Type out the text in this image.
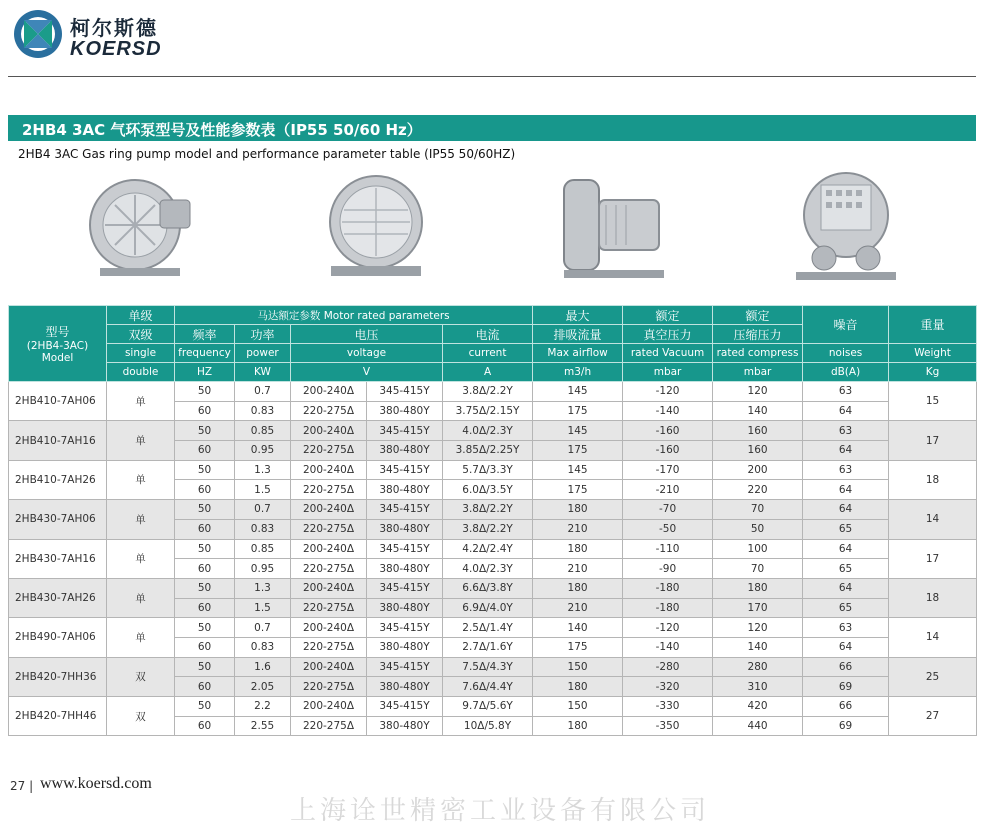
柯尔斯德
KOERSD
2HB4 3AC 气环泵型号及性能参数表（IP55 50/60 Hz）
2HB4 3AC Gas ring pump model and performance parameter table (IP55 50/60HZ)
型号
(2HB4-3AC)
Model	单级	马达额定参数 Motor rated parameters					最大	额定	额定	噪音	重量
	双级	频率	功率	电压		电流	排吸流量	真空压力	压缩压力		
	single	frequency	power	voltage		current	Max airflow	rated Vacuum	rated compress	noises	Weight
	double	HZ	KW	V		A	m3/h	mbar	mbar	dB(A)	Kg
2HB410-7AH06	单	50	0.7	200-240Δ	345-415Y	3.8Δ/2.2Y	145	-120	120	63	15
		60	0.83	220-275Δ	380-480Y	3.75Δ/2.15Y	175	-140	140	64	
2HB410-7AH16	单	50	0.85	200-240Δ	345-415Y	4.0Δ/2.3Y	145	-160	160	63	17
		60	0.95	220-275Δ	380-480Y	3.85Δ/2.25Y	175	-160	160	64	
2HB410-7AH26	单	50	1.3	200-240Δ	345-415Y	5.7Δ/3.3Y	145	-170	200	63	18
		60	1.5	220-275Δ	380-480Y	6.0Δ/3.5Y	175	-210	220	64	
2HB430-7AH06	单	50	0.7	200-240Δ	345-415Y	3.8Δ/2.2Y	180	-70	70	64	14
		60	0.83	220-275Δ	380-480Y	3.8Δ/2.2Y	210	-50	50	65	
2HB430-7AH16	单	50	0.85	200-240Δ	345-415Y	4.2Δ/2.4Y	180	-110	100	64	17
		60	0.95	220-275Δ	380-480Y	4.0Δ/2.3Y	210	-90	70	65	
2HB430-7AH26	单	50	1.3	200-240Δ	345-415Y	6.6Δ/3.8Y	180	-180	180	64	18
		60	1.5	220-275Δ	380-480Y	6.9Δ/4.0Y	210	-180	170	65	
2HB490-7AH06	单	50	0.7	200-240Δ	345-415Y	2.5Δ/1.4Y	140	-120	120	63	14
		60	0.83	220-275Δ	380-480Y	2.7Δ/1.6Y	175	-140	140	64	
2HB420-7HH36	双	50	1.6	200-240Δ	345-415Y	7.5Δ/4.3Y	150	-280	280	66	25
		60	2.05	220-275Δ	380-480Y	7.6Δ/4.4Y	180	-320	310	69	
2HB420-7HH46	双	50	2.2	200-240Δ	345-415Y	9.7Δ/5.6Y	150	-330	420	66	27
		60	2.55	220-275Δ	380-480Y	10Δ/5.8Y	180	-350	440	69	
27 | www.koersd.com
上海诠世精密工业设备有限公司
